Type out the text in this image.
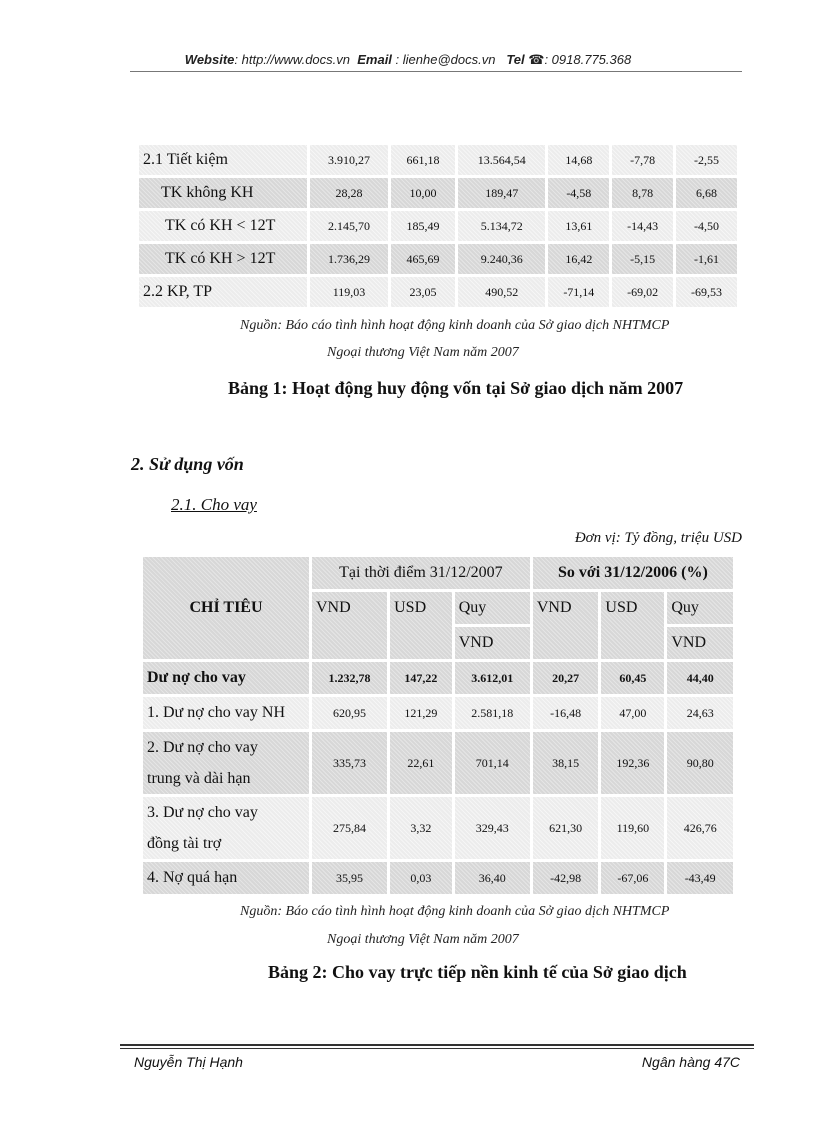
Website: http://www.docs.vn Email : lienhe@docs.vn Tel ☎: 0918.775.368
2.1 Tiết kiệm	3.910,27	661,18	13.564,54	14,68	-7,78	-2,55
TK không KH	28,28	10,00	189,47	-4,58	8,78	6,68
TK có KH < 12T	2.145,70	185,49	5.134,72	13,61	-14,43	-4,50
TK có KH > 12T	1.736,29	465,69	9.240,36	16,42	-5,15	-1,61
2.2 KP, TP	119,03	23,05	490,52	-71,14	-69,02	-69,53
Nguồn: Báo cáo tình hình hoạt động kinh doanh của Sở giao dịch NHTMCP
Ngoại thương Việt Nam năm 2007
Bảng 1: Hoạt động huy động vốn tại Sở giao dịch năm 2007
2. Sử dụng vốn
2.1. Cho vay
Đơn vị: Tỷ đồng, triệu USD
CHỈ TIÊU	Tại thời điểm 31/12/2007			So với 31/12/2006 (%)		
	VND	USD	Quy	VND	USD	Quy
			VND			VND
Dư nợ cho vay	1.232,78	147,22	3.612,01	20,27	60,45	44,40
1. Dư nợ cho vay NH	620,95	121,29	2.581,18	-16,48	47,00	24,63
2. Dư nợ cho vay
trung và dài hạn	335,73	22,61	701,14	38,15	192,36	90,80
3. Dư nợ cho vay
đồng tài trợ	275,84	3,32	329,43	621,30	119,60	426,76
4. Nợ quá hạn	35,95	0,03	36,40	-42,98	-67,06	-43,49
Nguồn: Báo cáo tình hình hoạt động kinh doanh của Sở giao dịch NHTMCP
Ngoại thương Việt Nam năm 2007
Bảng 2: Cho vay trực tiếp nền kinh tế của Sở giao dịch
Nguyễn Thị Hạnh	Ngân hàng 47C
